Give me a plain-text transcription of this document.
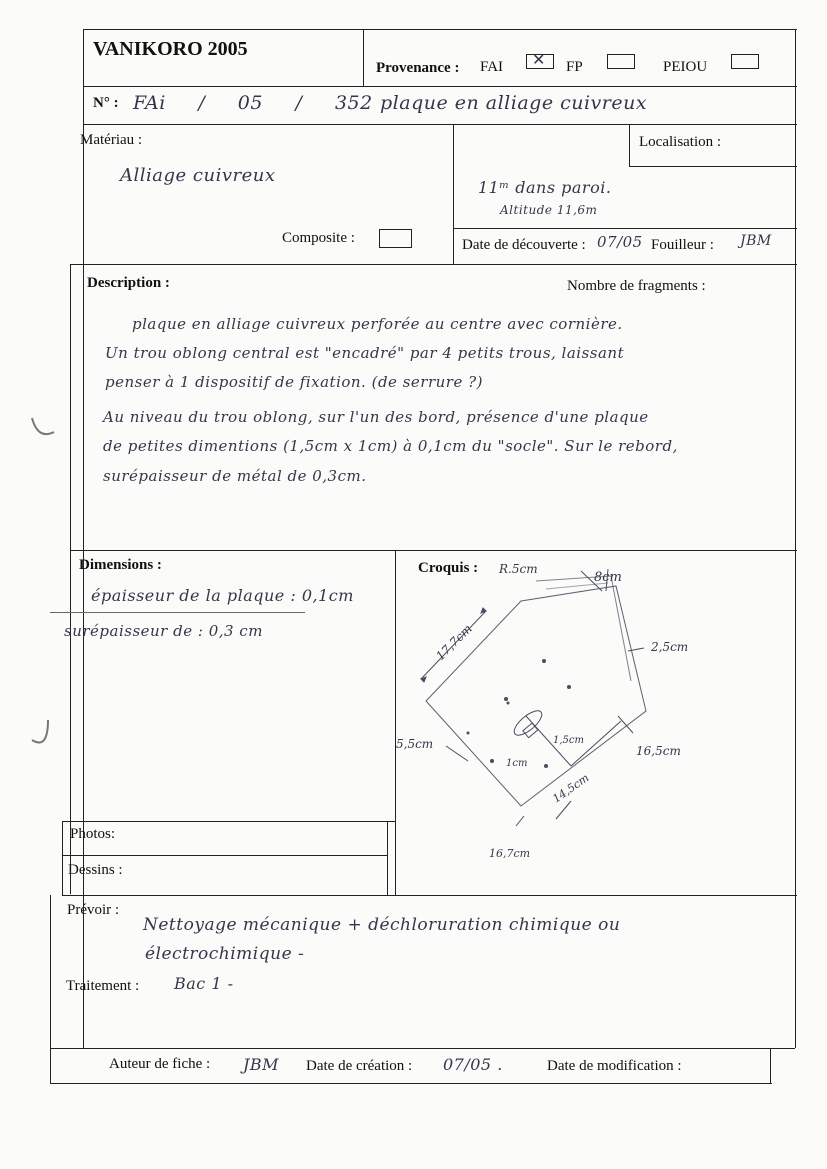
VANIKORO 2005
Provenance : FAI ✕ FP	PEIOU
N° : FAi / 05 / 352 plaque en alliage cuivreux
Matériau :
Alliage cuivreux
Composite :
Localisation :
11ᵐ dans paroi.
Altitude 11,6m
Date de découverte : 07/05 Fouilleur : JBM
Description :	Nombre de fragments :
plaque en alliage cuivreux perforée au centre avec cornière.
Un trou oblong central est "encadré" par 4 petits trous, laissant
penser à 1 dispositif de fixation. (de serrure ?)
Au niveau du trou oblong, sur l'un des bord, présence d'une plaque
de petites dimentions (1,5cm x 1cm) à 0,1cm du "socle". Sur le rebord,
surépaisseur de métal de 0,3cm.
Dimensions :
épaisseur de la plaque : 0,1cm
surépaisseur de : 0,3 cm
Croquis : R.5cm
8cm
2,5cm
17,7cm
5,5cm	1,5cm
1cm
16,5cm
14,5cm
16,7cm
Photos:
Dessins :
Prévoir :
Nettoyage mécanique + déchloruration chimique ou
électrochimique -
Traitement : Bac 1 -
Auteur de fiche : JBM Date de création : 07/05 .	Date de modification :
